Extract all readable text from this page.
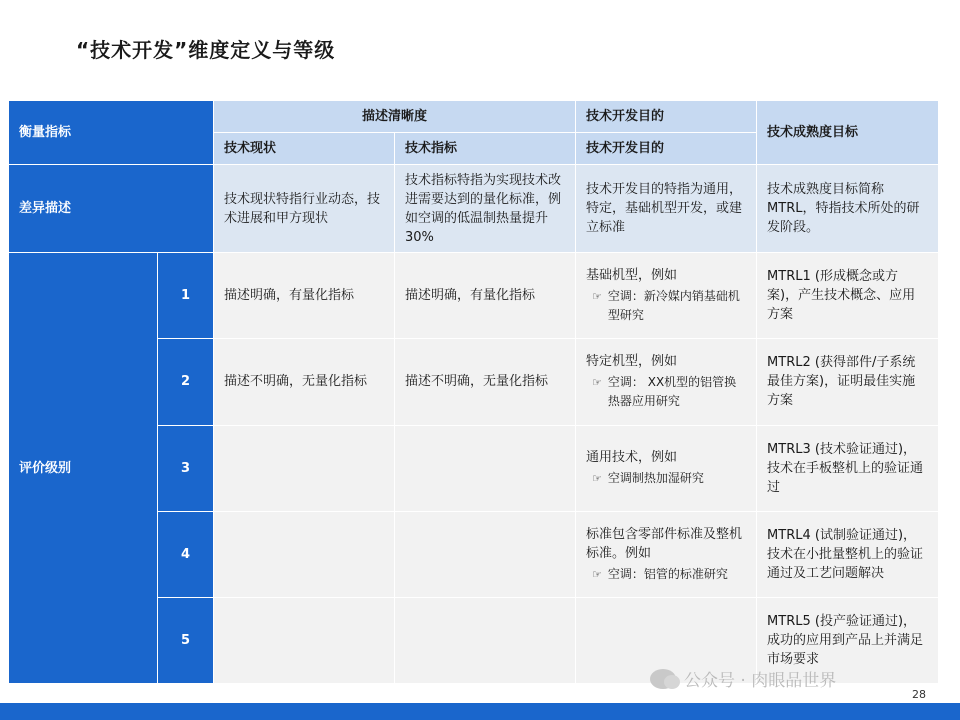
“技术开发”维度定义与等级
衡量指标		描述清晰度		技术开发目的	技术成熟度目标
		技术现状	技术指标	技术开发目的	
差异描述		技术现状特指行业动态，技术进展和甲方现状	技术指标特指为实现技术改进需要达到的量化标准，例如空调的低温制热量提升30%	技术开发目的特指为通用，特定，基础机型开发，或建立标准	技术成熟度目标简称MTRL，特指技术所处的研发阶段。
评价级别	1	描述明确，有量化指标	描述明确，有量化指标	基础机型，例如
☞ 空调：新冷媒内销基础机型研究	MTRL1 (形成概念或方案)，产生技术概念、应用方案
	2	描述不明确，无量化指标	描述不明确，无量化指标	特定机型，例如
☞ 空调： XX机型的铝管换热器应用研究	MTRL2 (获得部件/子系统最佳方案)，证明最佳实施方案
	3			通用技术，例如
☞ 空调制热加湿研究	MTRL3 (技术验证通过)，技术在手板整机上的验证通过
	4			标准包含零部件标准及整机标准。例如
☞ 空调：铝管的标准研究	MTRL4 (试制验证通过)，技术在小批量整机上的验证通过及工艺问题解决
	5				MTRL5 (投产验证通过)，成功的应用到产品上并满足市场要求
公众号 · 肉眼品世界
28
